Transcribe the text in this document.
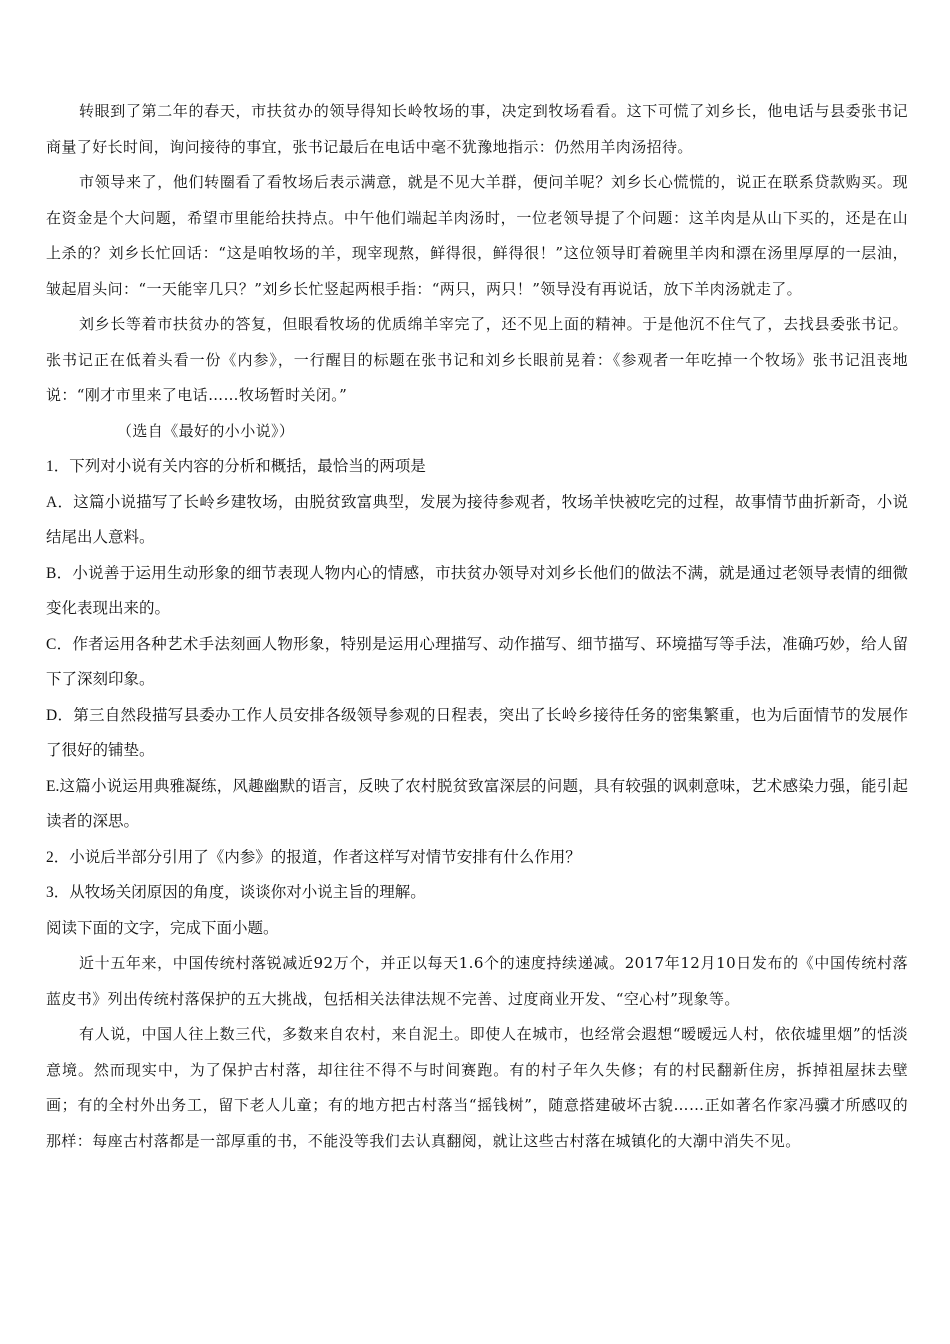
转眼到了第二年的春天，市扶贫办的领导得知长岭牧场的事，决定到牧场看看。这下可慌了刘乡长，他电话与县委张书记商量了好长时间，询问接待的事宜，张书记最后在电话中毫不犹豫地指示：仍然用羊肉汤招待。

市领导来了，他们转圈看了看牧场后表示满意，就是不见大羊群，便问羊呢？刘乡长心慌慌的，说正在联系贷款购买。现在资金是个大问题，希望市里能给扶持点。中午他们端起羊肉汤时，一位老领导提了个问题：这羊肉是从山下买的，还是在山上杀的？刘乡长忙回话：“这是咱牧场的羊，现宰现熬，鲜得很，鲜得很！”这位领导盯着碗里羊肉和漂在汤里厚厚的一层油，皱起眉头问：“一天能宰几只？”刘乡长忙竖起两根手指：“两只，两只！”领导没有再说话，放下羊肉汤就走了。

刘乡长等着市扶贫办的答复，但眼看牧场的优质绵羊宰完了，还不见上面的精神。于是他沉不住气了，去找县委张书记。张书记正在低着头看一份《内参》，一行醒目的标题在张书记和刘乡长眼前晃着：《参观者一年吃掉一个牧场》张书记沮丧地说：“刚才市里来了电话……牧场暂时关闭。”

（选自《最好的小小说》）

1．下列对小说有关内容的分析和概括，最恰当的两项是

A．这篇小说描写了长岭乡建牧场，由脱贫致富典型，发展为接待参观者，牧场羊快被吃完的过程，故事情节曲折新奇，小说结尾出人意料。

B．小说善于运用生动形象的细节表现人物内心的情感，市扶贫办领导对刘乡长他们的做法不满，就是通过老领导表情的细微变化表现出来的。

C．作者运用各种艺术手法刻画人物形象，特别是运用心理描写、动作描写、细节描写、环境描写等手法，准确巧妙，给人留下了深刻印象。

D．第三自然段描写县委办工作人员安排各级领导参观的日程表，突出了长岭乡接待任务的密集繁重，也为后面情节的发展作了很好的铺垫。

E.这篇小说运用典雅凝练，风趣幽默的语言，反映了农村脱贫致富深层的问题，具有较强的讽刺意味，艺术感染力强，能引起读者的深思。

2．小说后半部分引用了《内参》的报道，作者这样写对情节安排有什么作用？

3．从牧场关闭原因的角度，谈谈你对小说主旨的理解。

阅读下面的文字，完成下面小题。

近十五年来，中国传统村落锐减近92万个，并正以每天1.6个的速度持续递减。2017年12月10日发布的《中国传统村落蓝皮书》列出传统村落保护的五大挑战，包括相关法律法规不完善、过度商业开发、“空心村”现象等。

有人说，中国人往上数三代，多数来自农村，来自泥土。即使人在城市，也经常会遐想“暧暧远人村，依依墟里烟”的恬淡意境。然而现实中，为了保护古村落，却往往不得不与时间赛跑。有的村子年久失修；有的村民翻新住房，拆掉祖屋抹去壁画；有的全村外出务工，留下老人儿童；有的地方把古村落当“摇钱树”，随意搭建破坏古貌……正如著名作家冯骥才所感叹的那样：每座古村落都是一部厚重的书，不能没等我们去认真翻阅，就让这些古村落在城镇化的大潮中消失不见。
